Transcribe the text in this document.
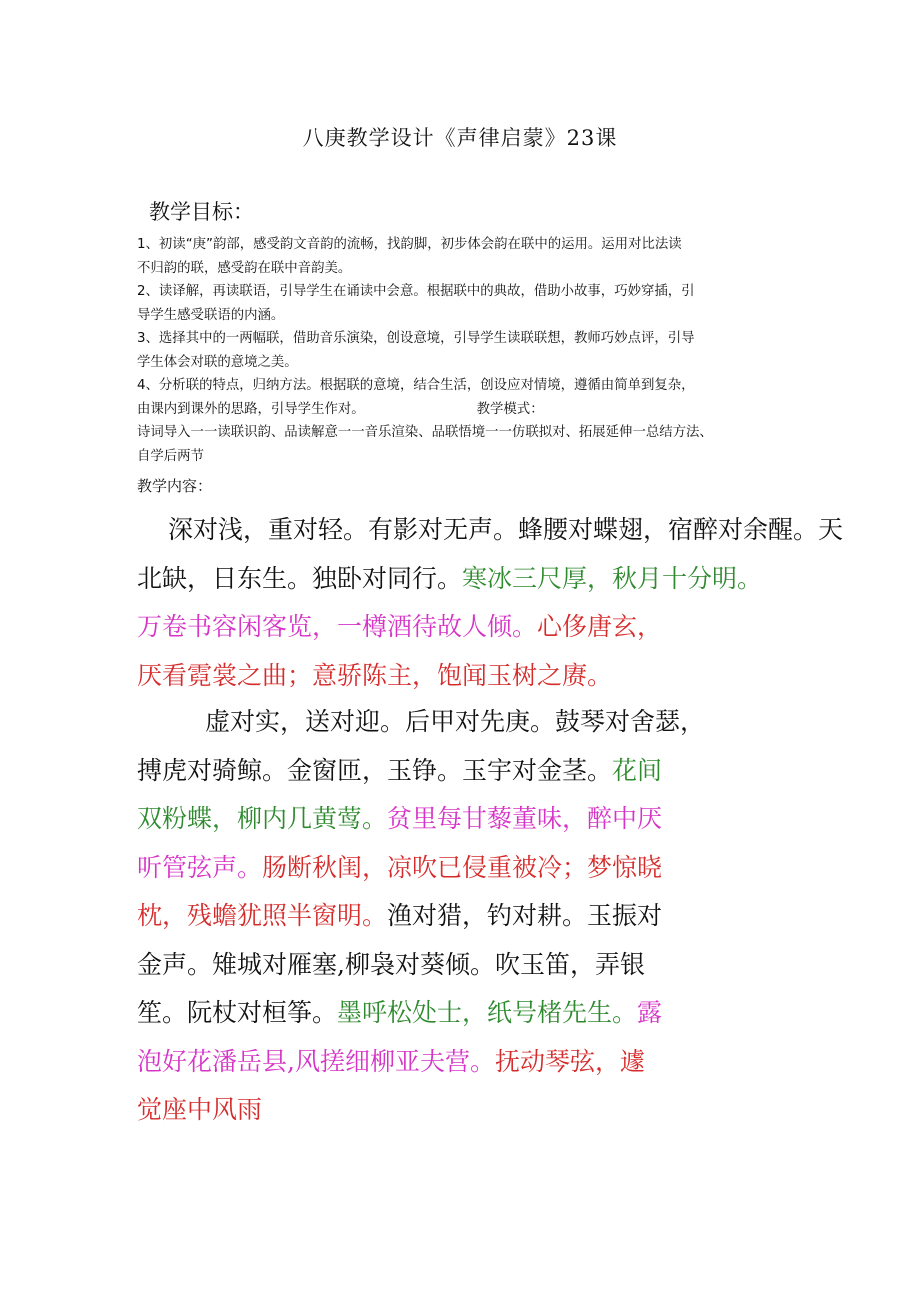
八庚教学设计《声律启蒙》23课
教学目标：

1、初读“庚”韵部，感受韵文音韵的流畅，找韵脚，初步体会韵在联中的运用。运用对比法读

不归韵的联，感受韵在联中音韵美。

2、读译解，再读联语，引导学生在诵读中会意。根据联中的典故，借助小故事，巧妙穿插，引

导学生感受联语的内涵。

3、选择其中的一两幅联，借助音乐演染，创设意境，引导学生读联联想，教师巧妙点评，引导

学生体会对联的意境之美。

4、分析联的特点，归纳方法。根据联的意境，结合生活，创设应对情境，遵循由简单到复杂，

由课内到课外的思路，引导学生作对。	教学模式：

诗词导入一一读联识韵、品读解意一一音乐渲染、品联悟境一一仿联拟对、拓展延伸一总结方法、

自学后两节

教学内容：

深对浅，重对轻。有影对无声。蜂腰对蝶翅，宿醉对余醒。天

北缺，日东生。独卧对同行。寒冰三尺厚，秋月十分明。

万卷书容闲客览，一樽酒待故人倾。心侈唐玄，

厌看霓裳之曲；意骄陈主，饱闻玉树之赓。

虚对实，送对迎。后甲对先庚。鼓琴对舍瑟，

搏虎对骑鲸。金窗匝，玉铮。玉宇对金茎。花间

双粉蝶，柳内几黄莺。贫里每甘藜董味，醉中厌

听管弦声。肠断秋闺，凉吹已侵重被冷；梦惊晓

枕，残蟾犹照半窗明。渔对猎，钓对耕。玉振对

金声。雉城对雁塞,柳袅对葵倾。吹玉笛，弄银

笙。阮杖对桓筝。墨呼松处士，纸号楮先生。露

泡好花潘岳县,风搓细柳亚夫营。抚动琴弦，遽

觉座中风雨
